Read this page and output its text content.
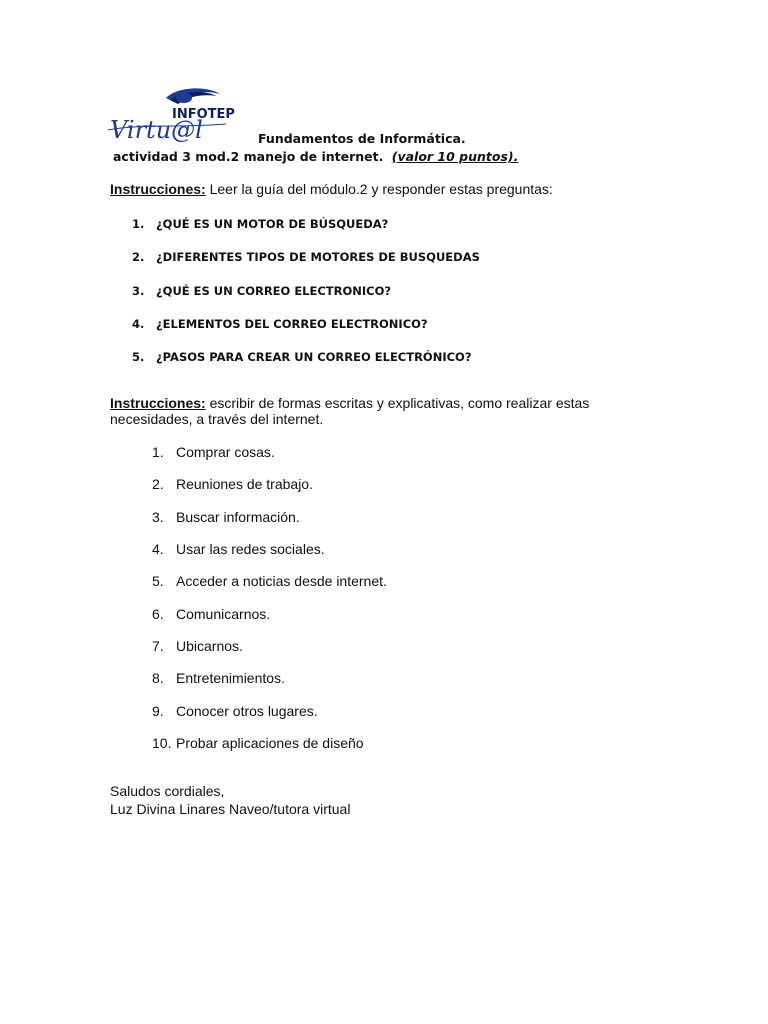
INFOTEP
Virtu@l	Fundamentos de Informática.
actividad 3 mod.2 manejo de internet. (valor 10 puntos).
Instrucciones: Leer la guía del módulo.2 y responder estas preguntas:
1. ¿QUÉ ES UN MOTOR DE BÚSQUEDA?
2. ¿DIFERENTES TIPOS DE MOTORES DE BUSQUEDAS
3. ¿QUÉ ES UN CORREO ELECTRONICO?
4. ¿ELEMENTOS DEL CORREO ELECTRONICO?
5. ¿PASOS PARA CREAR UN CORREO ELECTRÓNICO?
Instrucciones: escribir de formas escritas y explicativas, como realizar estas necesidades, a través del internet.
1. Comprar cosas.
2. Reuniones de trabajo.
3. Buscar información.
4. Usar las redes sociales.
5. Acceder a noticias desde internet.
6. Comunicarnos.
7. Ubicarnos.
8. Entretenimientos.
9. Conocer otros lugares.
10. Probar aplicaciones de diseño
Saludos cordiales,
Luz Divina Linares Naveo/tutora virtual
